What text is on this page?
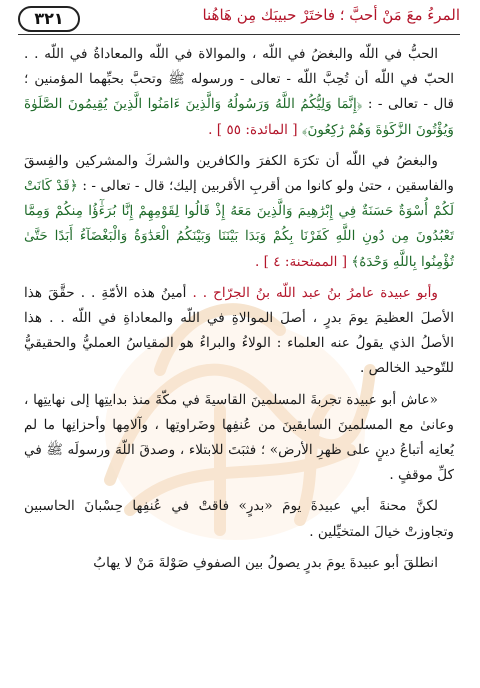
٣٢١	المرءُ معَ مَنْ أحبَّ ؛ فاختَرْ حبيبَك مِن هَاهُنا

الحبُّ في اللّه والبغضُ في اللّه ، والموالاة في اللّه والمعاداةُ في اللّه . . الحبّ في اللّه أن تُحِبَّ اللّه - تعالى - ورسوله ﷺ وتحبَّ بحبِّهما المؤمنين ؛ قال - تعالى - : ﴿إِنَّمَا وَلِيُّكُمُ اللَّهُ وَرَسُولُهُ وَالَّذِينَ ءَامَنُوا الَّذِينَ يُقِيمُونَ الصَّلَوٰةَ وَيُؤْتُونَ الزَّكَوٰةَ وَهُمْ رَٰكِعُونَ﴾ [ المائدة: ٥٥ ] .

والبغضُ في اللّه أن تكرَهَ الكفرَ والكافرين والشركَ والمشركين والفِسقَ والفاسقين ، حتىٰ ولو كانوا من أقربِ الأقربين إليك؛ قال - تعالى - : ﴿قَدْ كَانَتْ لَكُمْ أُسْوَةٌ حَسَنَةٌ فِي إِبْرَٰهِيمَ وَالَّذِينَ مَعَهُ إِذْ قَالُوا لِقَوْمِهِمْ إِنَّا بُرَءَٰٓؤُا مِنكُمْ وَمِمَّا تَعْبُدُونَ مِن دُونِ اللَّهِ كَفَرْنَا بِكُمْ وَبَدَا بَيْنَنَا وَبَيْنَكُمُ الْعَدَٰوَةُ وَالْبَغْضَآءُ أَبَدًا حَتَّىٰ تُؤْمِنُوا بِاللَّهِ وَحْدَهُ﴾ [ الممتحنة: ٤ ] .

وأبو عبيدة عامرُ بنُ عبد اللّه بنُ الجرّاح . . أمينُ هذه الأمّةِ . . حقَّقَ هذا الأصلَ العظيمَ يومَ بدرٍ ، أصلَ الموالاةِ في اللّه والمعاداةِ في اللّه . . هذا الأصلُ الذي يقولُ عنه العلماء : الولاءُ والبراءُ هو المقياسُ العمليُّ والحقيقيُّ للتّوحيد الخالص .

«عاش أبو عبيدة تجربةَ المسلمينَ القاسيةَ في مكّةَ منذ بدايتِها إلى نهايتِها ، وعانىٰ مع المسلمينَ السابقينَ من عُنفِها وضَراوتِها ، وآلامِها وأحزانِها ما لم يُعانِه أتباعُ دينٍ على ظهرِ الأرض» ؛ فثبَتَ للابتلاء ، وصدقَ اللّهَ ورسولَه ﷺ في كلِّ موقفٍ .

لكنَّ محنةَ أبي عبيدةَ يومَ «بدرٍ» فاقتْ في عُنفِها حِسْبانَ الحاسبين وتجاوزتْ خيالَ المتخيِّلين .

انطلقَ أبو عبيدةَ يومَ بدرٍ يصولُ بين الصفوفِ صَوْلةَ مَنْ لا يهابُ
